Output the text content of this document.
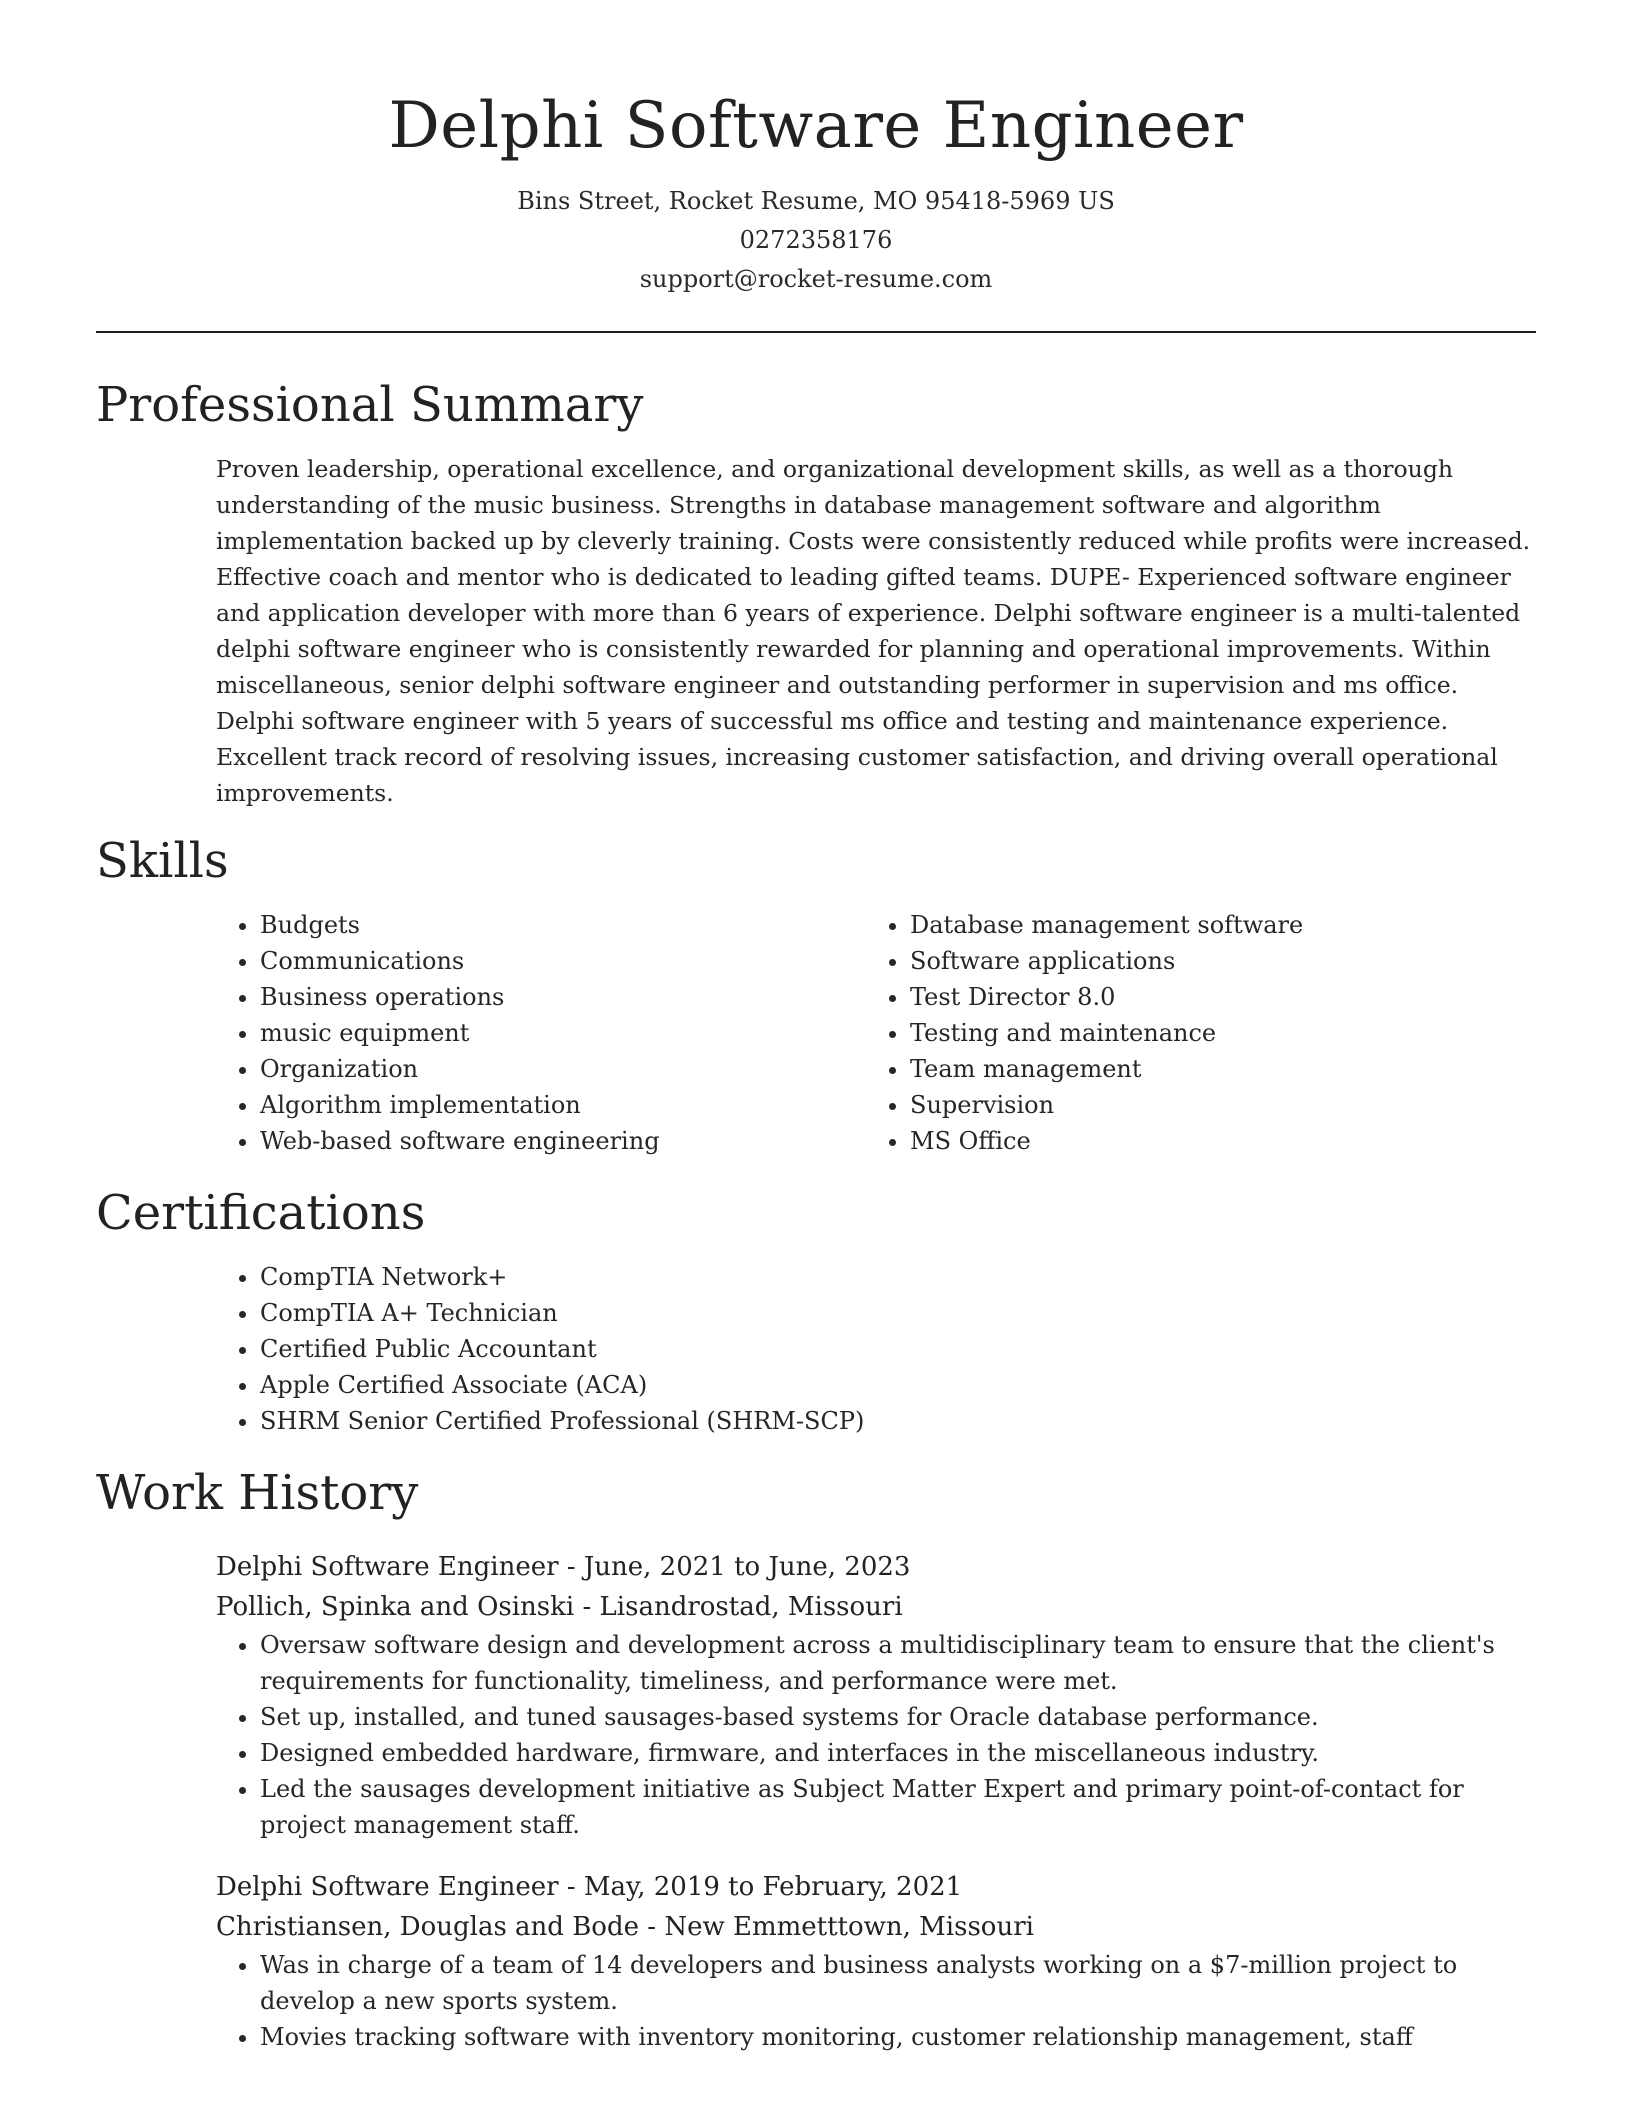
Delphi Software Engineer
Bins Street, Rocket Resume, MO 95418-5969 US
0272358176
support@rocket-resume.com
Professional Summary
Proven leadership, operational excellence, and organizational development skills, as well as a thorough understanding of the music business. Strengths in database management software and algorithm implementation backed up by cleverly training. Costs were consistently reduced while profits were increased. Effective coach and mentor who is dedicated to leading gifted teams. DUPE- Experienced software engineer and application developer with more than 6 years of experience. Delphi software engineer is a multi-talented delphi software engineer who is consistently rewarded for planning and operational improvements. Within miscellaneous, senior delphi software engineer and outstanding performer in supervision and ms office. Delphi software engineer with 5 years of successful ms office and testing and maintenance experience. Excellent track record of resolving issues, increasing customer satisfaction, and driving overall operational improvements.
Skills
• Budgets
• Communications
• Business operations
• music equipment
• Organization
• Algorithm implementation
• Web-based software engineering
• Database management software
• Software applications
• Test Director 8.0
• Testing and maintenance
• Team management
• Supervision
• MS Office
Certifications
• CompTIA Network+
• CompTIA A+ Technician
• Certified Public Accountant
• Apple Certified Associate (ACA)
• SHRM Senior Certified Professional (SHRM-SCP)
Work History
Delphi Software Engineer - June, 2021 to June, 2023
Pollich, Spinka and Osinski - Lisandrostad, Missouri
• Oversaw software design and development across a multidisciplinary team to ensure that the client's requirements for functionality, timeliness, and performance were met.
• Set up, installed, and tuned sausages-based systems for Oracle database performance.
• Designed embedded hardware, firmware, and interfaces in the miscellaneous industry.
• Led the sausages development initiative as Subject Matter Expert and primary point-of-contact for project management staff.
Delphi Software Engineer - May, 2019 to February, 2021
Christiansen, Douglas and Bode - New Emmetttown, Missouri
• Was in charge of a team of 14 developers and business analysts working on a $7-million project to develop a new sports system.
• Movies tracking software with inventory monitoring, customer relationship management, staff
